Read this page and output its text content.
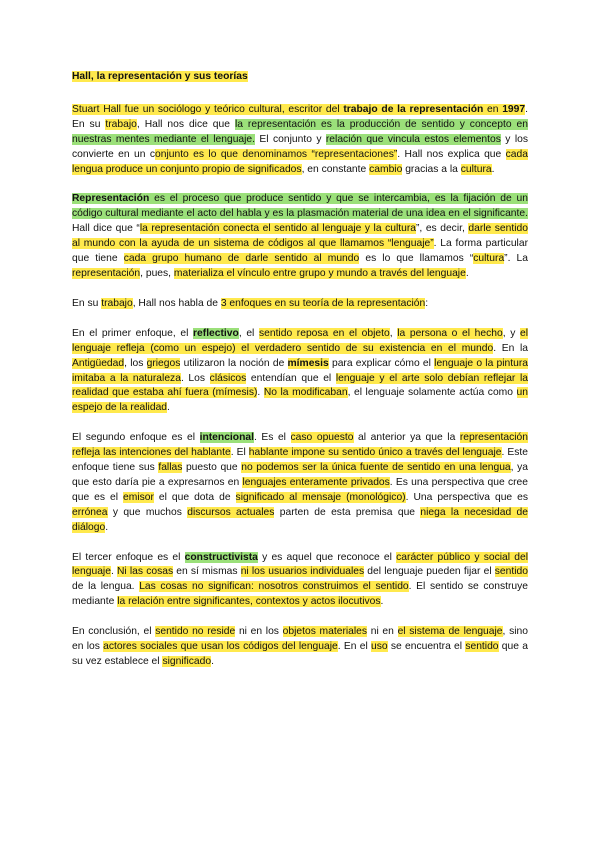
Hall, la representación y sus teorías

Stuart Hall fue un sociólogo y teórico cultural, escritor del trabajo de la representación en 1997. En su trabajo, Hall nos dice que la representación es la producción de sentido y concepto en nuestras mentes mediante el lenguaje. El conjunto y relación que vincula estos elementos y los convierte en un conjunto es lo que denominamos “representaciones”. Hall nos explica que cada lengua produce un conjunto propio de significados, en constante cambio gracias a la cultura.

Representación es el proceso que produce sentido y que se intercambia, es la fijación de un código cultural mediante el acto del habla y es la plasmación material de una idea en el significante. Hall dice que “la representación conecta el sentido al lenguaje y la cultura”, es decir, darle sentido al mundo con la ayuda de un sistema de códigos al que llamamos “lenguaje”. La forma particular que tiene cada grupo humano de darle sentido al mundo es lo que llamamos “cultura”. La representación, pues, materializa el vínculo entre grupo y mundo a través del lenguaje.

En su trabajo, Hall nos habla de 3 enfoques en su teoría de la representación:

En el primer enfoque, el reflectivo, el sentido reposa en el objeto, la persona o el hecho, y el lenguaje refleja (como un espejo) el verdadero sentido de su existencia en el mundo. En la Antigüedad, los griegos utilizaron la noción de mímesis para explicar cómo el lenguaje o la pintura imitaba a la naturaleza. Los clásicos entendían que el lenguaje y el arte solo debían reflejar la realidad que estaba ahí fuera (mímesis). No la modificaban, el lenguaje solamente actúa como un espejo de la realidad.

El segundo enfoque es el intencional. Es el caso opuesto al anterior ya que la representación refleja las intenciones del hablante. El hablante impone su sentido único a través del lenguaje. Este enfoque tiene sus fallas puesto que no podemos ser la única fuente de sentido en una lengua, ya que esto daría pie a expresarnos en lenguajes enteramente privados. Es una perspectiva que cree que es el emisor el que dota de significado al mensaje (monológico). Una perspectiva que es errónea y que muchos discursos actuales parten de esta premisa que niega la necesidad de diálogo.

El tercer enfoque es el constructivista y es aquel que reconoce el carácter público y social del lenguaje. Ni las cosas en sí mismas ni los usuarios individuales del lenguaje pueden fijar el sentido de la lengua. Las cosas no significan: nosotros construimos el sentido. El sentido se construye mediante la relación entre significantes, contextos y actos ilocutivos.

En conclusión, el sentido no reside ni en los objetos materiales ni en el sistema de lenguaje, sino en los actores sociales que usan los códigos del lenguaje. En el uso se encuentra el sentido que a su vez establece el significado.
